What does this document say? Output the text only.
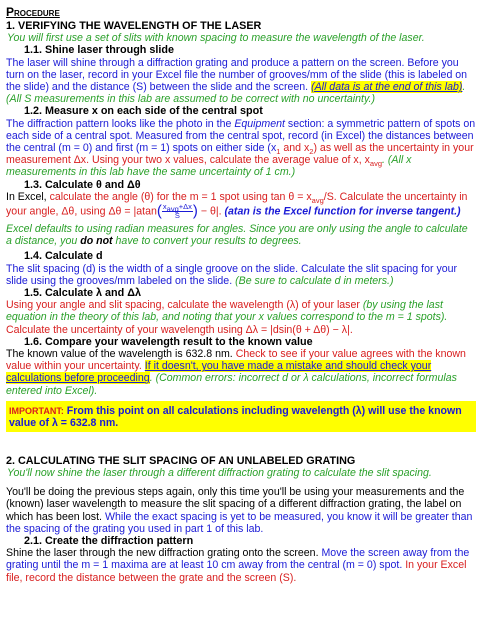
Procedure
1. VERIFYING THE WAVELENGTH OF THE LASER
You will first use a set of slits with known spacing to measure the wavelength of the laser.
1.1. Shine laser through slide

The laser will shine through a diffraction grating and produce a pattern on the screen. Before you turn on the laser, record in your Excel file the number of grooves/mm of the slide (this is labeled on the slide) and the distance (S) between the slide and the screen. (All data is at the end of this lab). (All S measurements in this lab are assumed to be correct with no uncertainty.)

1.2. Measure x on each side of the central spot

The diffraction pattern looks like the photo in the Equipment section: a symmetric pattern of spots on each side of a central spot. Measured from the central spot, record (in Excel) the distances between the central (m = 0) and first (m = 1) spots on either side ($x_1$ and $x_2$) as well as the uncertainty in your measurement Δx. Using your two x values, calculate the average value of x, $x_{avg}$. (All x measurements in this lab have the same uncertainty of 1 cm.)

1.3. Calculate θ and Δθ

In Excel, calculate the angle (θ) for the m = 1 spot using $\tan \theta = x_{avg}/S$. Calculate the uncertainty in your angle, Δθ, using $\Delta\theta = |atan( \frac{x_{avg}+\Delta x}{S}$ ) − θ|. (atan is the Excel function for inverse tangent.)

Excel defaults to using radian measures for angles. Since you are only using the angle to calculate a distance, you do not have to convert your results to degrees.

1.4. Calculate d

The slit spacing (d) is the width of a single groove on the slide. Calculate the slit spacing for your slide using the grooves/mm labeled on the slide. (Be sure to calculate d in meters.)

1.5. Calculate λ and Δλ

Using your angle and slit spacing, calculate the wavelength (λ) of your laser (by using the last equation in the theory of this lab, and noting that your x values correspond to the m = 1 spots). Calculate the uncertainty of your wavelength using Δλ = |dsin(θ + Δθ) − λ|.

1.6. Compare your wavelength result to the known value

The known value of the wavelength is 632.8 nm. Check to see if your value agrees with the known value within your uncertainty. If it doesn't, you have made a mistake and should check your calculations before proceeding. (Common errors: incorrect d or λ calculations, incorrect formulas entered into Excel).

IMPORTANT: From this point on all calculations including wavelength (λ) will use the known value of λ = 632.8 nm.
2. CALCULATING THE SLIT SPACING OF AN UNLABELED GRATING
You'll now shine the laser through a different diffraction grating to calculate the slit spacing.

You'll be doing the previous steps again, only this time you'll be using your measurements and the (known) laser wavelength to measure the slit spacing of a different diffraction grating, the label on which has been lost. While the exact spacing is yet to be measured, you know it will be greater than the spacing of the grating you used in part 1 of this lab.

2.1. Create the diffraction pattern

Shine the laser through the new diffraction grating onto the screen. Move the screen away from the grating until the m = 1 maxima are at least 10 cm away from the central (m = 0) spot. In your Excel file, record the distance between the grate and the screen (S).
